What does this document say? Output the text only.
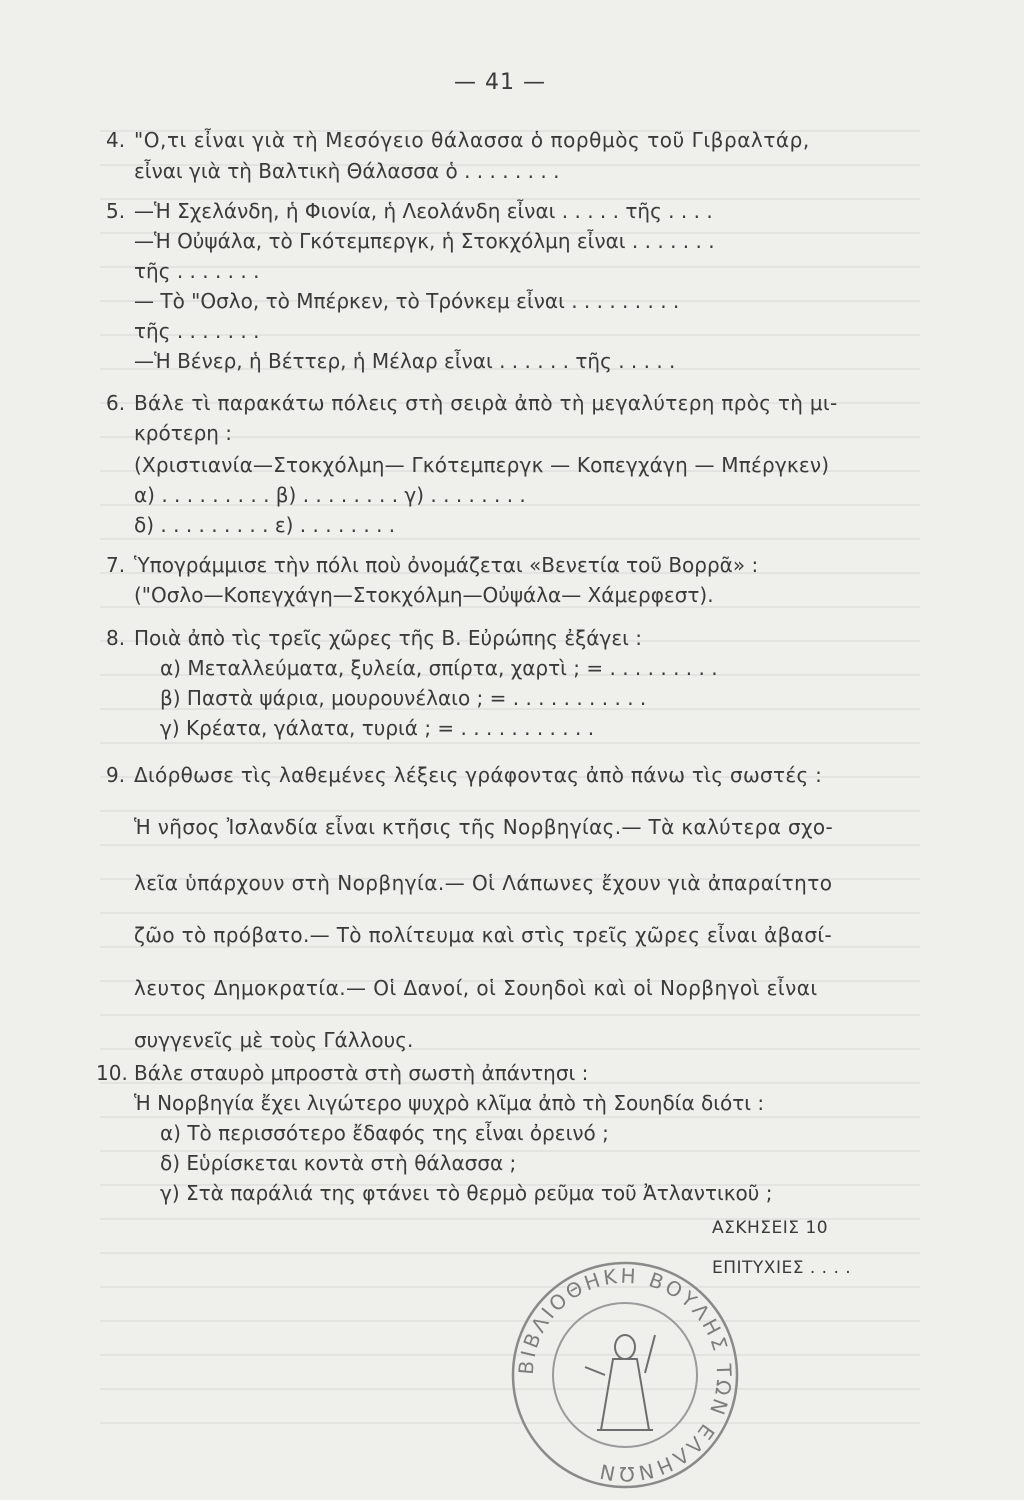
— 41 —
4. "Ο,τι εἶναι γιὰ τὴ Μεσόγειο θάλασσα ὁ πορθμὸς τοῦ Γιβραλτάρ,
εἶναι γιὰ τὴ Βαλτικὴ Θάλασσα ὁ . . . . . . . .
5. —Ἡ Σχελάνδη, ἡ Φιονία, ἡ Λεολάνδη εἶναι . . . . . τῆς . . . .
—Ἡ Οὐψάλα, τὸ Γκότεμπεργκ, ἡ Στοκχόλμη εἶναι . . . . . . .
τῆς . . . . . . .
— Τὸ "Οσλο, τὸ Μπέρκεν, τὸ Τρόνκεμ εἶναι . . . . . . . . .
τῆς . . . . . . .
—Ἡ Βένερ, ἡ Βέττερ, ἡ Μέλαρ εἶναι . . . . . . τῆς . . . . .
6. Βάλε τὶ παρακάτω πόλεις στὴ σειρὰ ἀπὸ τὴ μεγαλύτερη πρὸς τὴ μι-
κρότερη :
(Χριστιανία—Στοκχόλμη— Γκότεμπεργκ — Κοπεγχάγη — Μπέργκεν)
α) . . . . . . . . . β) . . . . . . . . γ) . . . . . . . .
δ) . . . . . . . . . ε) . . . . . . . .
7. Ὑπογράμμισε τὴν πόλι ποὺ ὀνομάζεται «Βενετία τοῦ Βορρᾶ» :
("Οσλο—Κοπεγχάγη—Στοκχόλμη—Οὐψάλα— Χάμερφεστ).
8. Ποιὰ ἀπὸ τὶς τρεῖς χῶρες τῆς Β. Εὐρώπης ἐξάγει :
α) Μεταλλεύματα, ξυλεία, σπίρτα, χαρτὶ ; = . . . . . . . . .
β) Παστὰ ψάρια, μουρουνέλαιο ; = . . . . . . . . . . .
γ) Κρέατα, γάλατα, τυριά ; = . . . . . . . . . . .
9. Διόρθωσε τὶς λαθεμένες λέξεις γράφοντας ἀπὸ πάνω τὶς σωστές :
Ἡ νῆσος Ἰσλανδία εἶναι κτῆσις τῆς Νορβηγίας.— Τὰ καλύτερα σχο-
λεῖα ὑπάρχουν στὴ Νορβηγία.— Οἱ Λάπωνες ἔχουν γιὰ ἀπαραίτητο
ζῶο τὸ πρόβατο.— Τὸ πολίτευμα καὶ στὶς τρεῖς χῶρες εἶναι ἀβασί-
λευτος Δημοκρατία.— Οἱ Δανοί, οἱ Σουηδοὶ καὶ οἱ Νορβηγοὶ εἶναι
συγγενεῖς μὲ τοὺς Γάλλους.
10. Βάλε σταυρὸ μπροστὰ στὴ σωστὴ ἀπάντησι :
Ἡ Νορβηγία ἔχει λιγώτερο ψυχρὸ κλῖμα ἀπὸ τὴ Σουηδία διότι :
α) Τὸ περισσότερο ἔδαφός της εἶναι ὀρεινό ;
δ) Εὑρίσκεται κοντὰ στὴ θάλασσα ;
γ) Στὰ παράλιά της φτάνει τὸ θερμὸ ρεῦμα τοῦ Ἀτλαντικοῦ ;
ΑΣΚΗΣΕΙΣ 10
ΕΠΙΤΥΧΙΕΣ . . . .
ΒΙΒΛΙΟΘΗΚΗ ΒΟΥΛΗΣ ΤΩΝ ΕΛΛΗΝΩΝ
